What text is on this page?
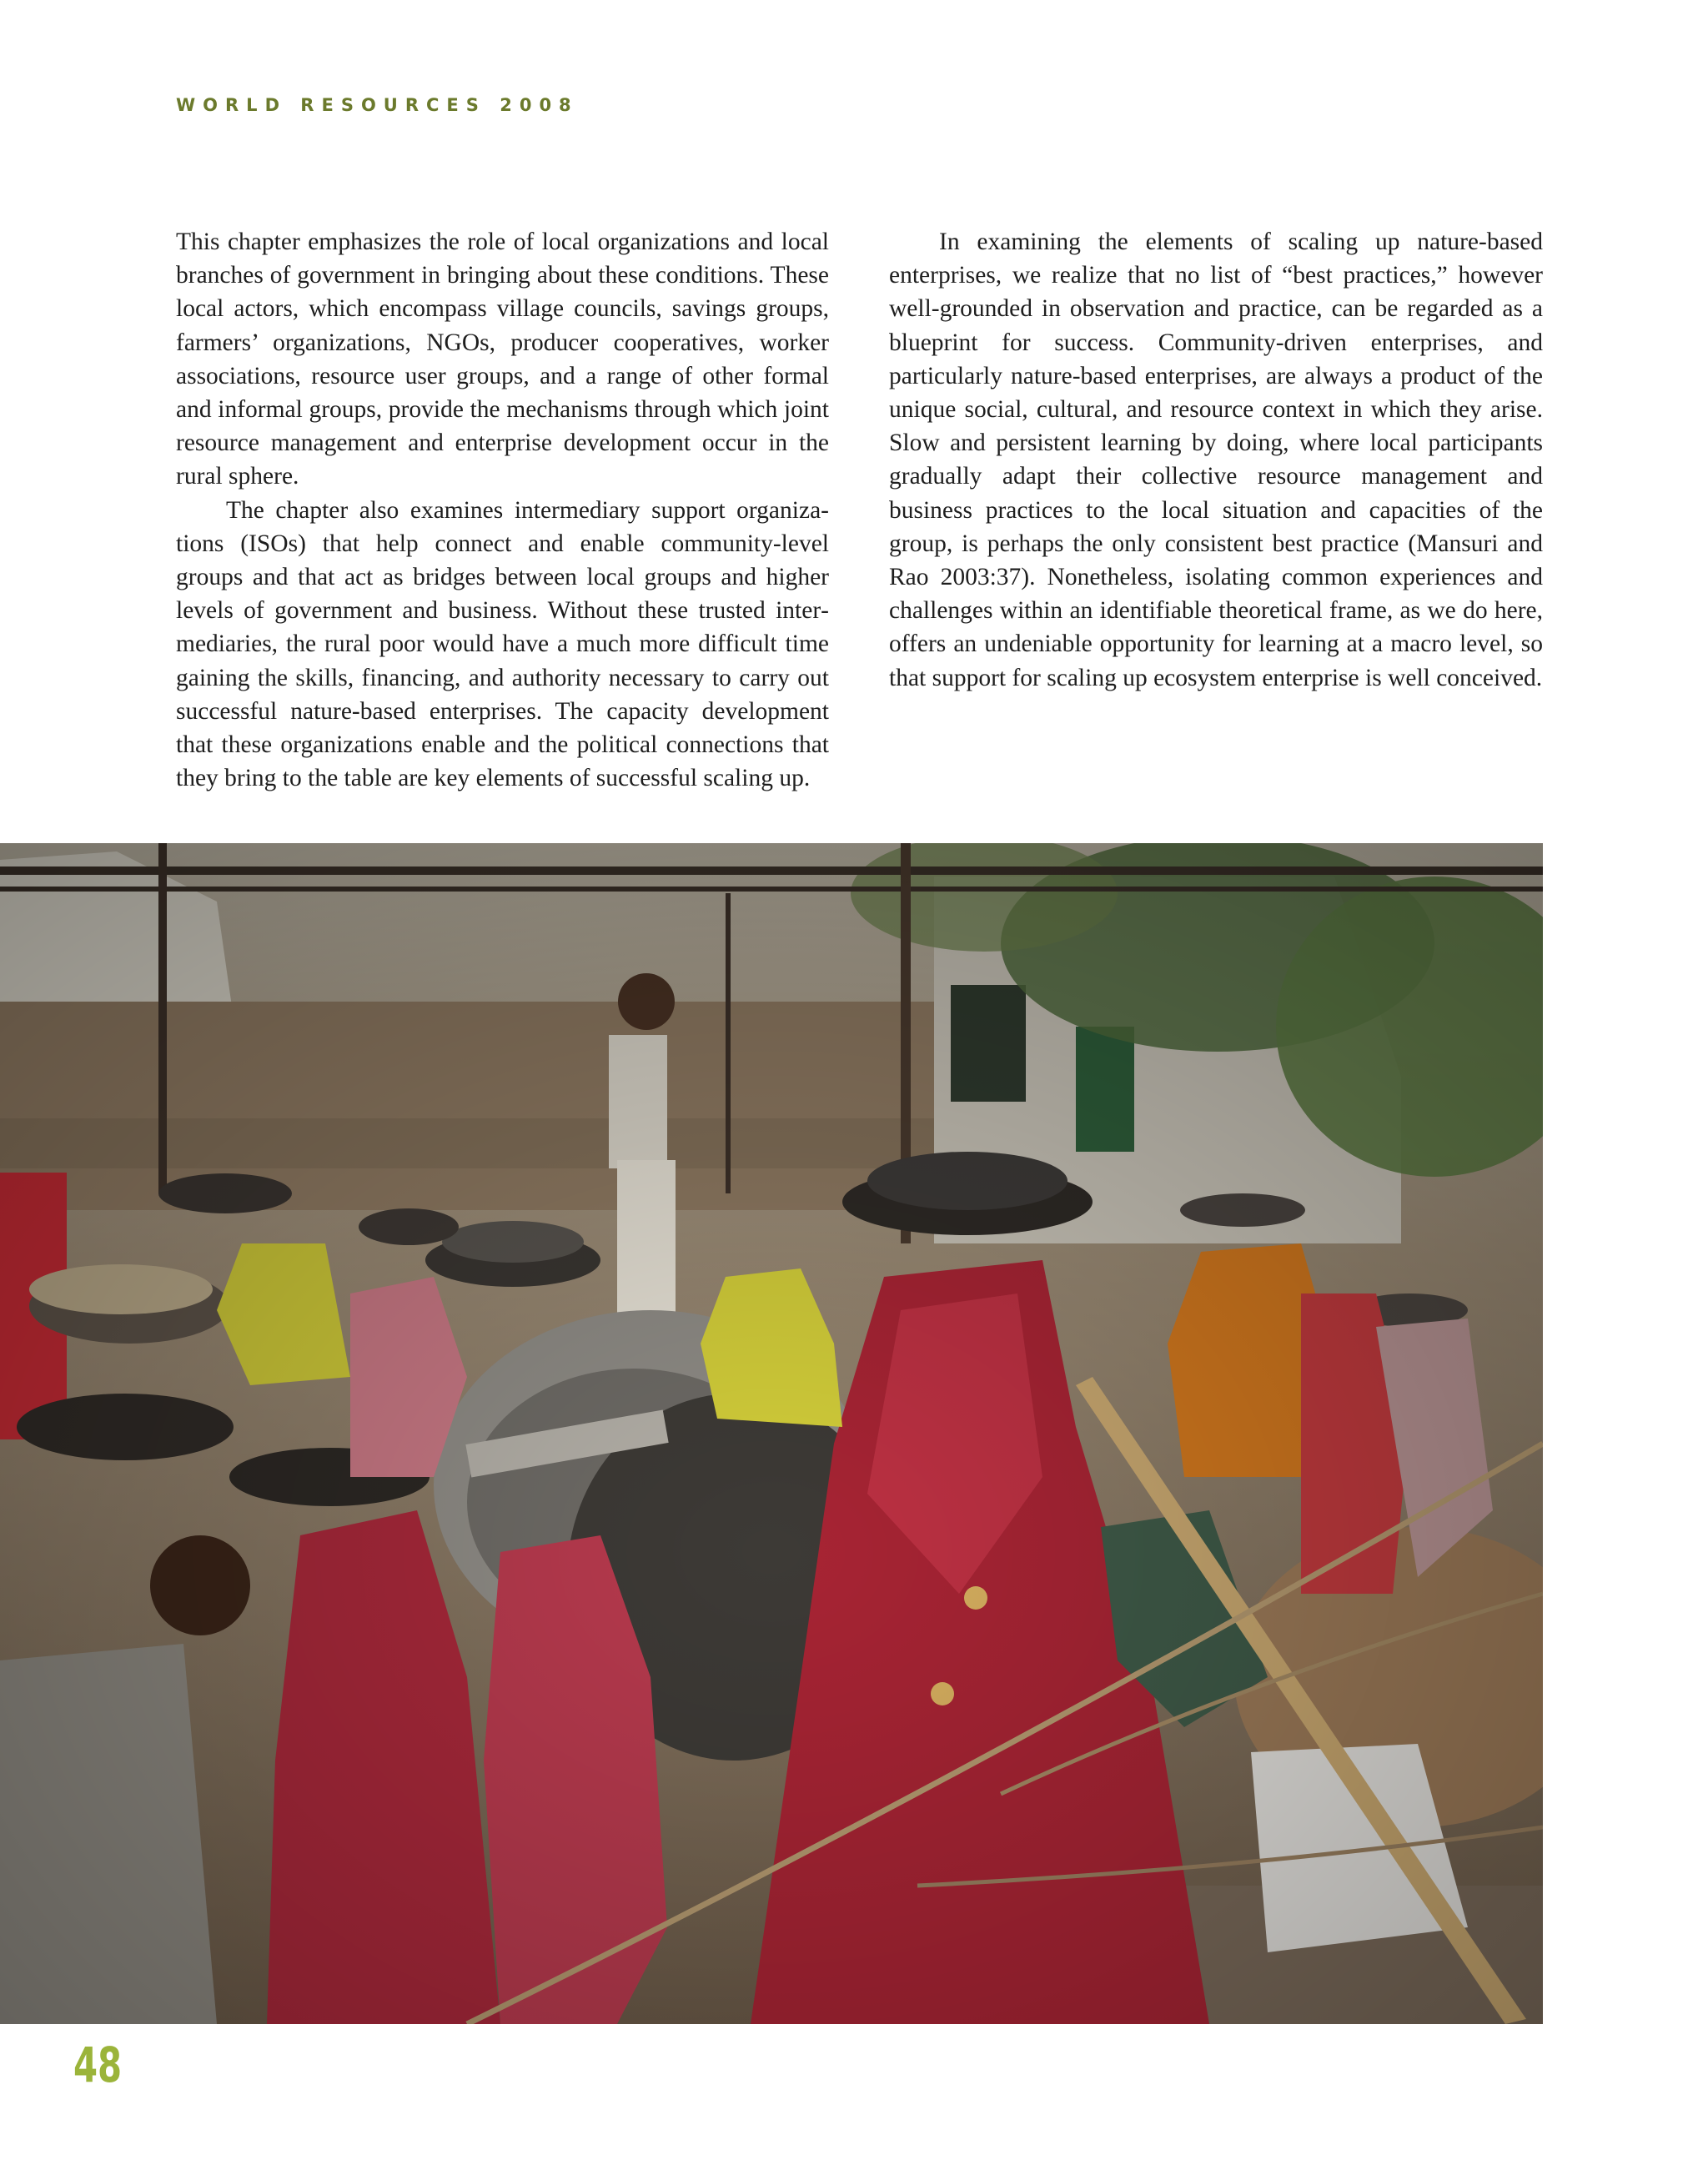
WORLD RESOURCES 2008

This chapter emphasizes the role of local organizations and local branches of government in bringing about these conditions. These local actors, which encompass village councils, savings groups, farmers’ organizations, NGOs, producer cooperatives, worker associations, resource user groups, and a range of other formal and informal groups, provide the mechanisms through which joint resource management and enterprise development occur in the rural sphere.

The chapter also examines intermediary support organizations (ISOs) that help connect and enable community-level groups and that act as bridges between local groups and higher levels of government and business. Without these trusted intermediaries, the rural poor would have a much more difficult time gaining the skills, financing, and authority necessary to carry out successful nature-based enterprises. The capacity development that these organizations enable and the political connections that they bring to the table are key elements of successful scaling up.

In examining the elements of scaling up nature-based enterprises, we realize that no list of “best practices,” however well-grounded in observation and practice, can be regarded as a blueprint for success. Community-driven enterprises, and particularly nature-based enterprises, are always a product of the unique social, cultural, and resource context in which they arise. Slow and persistent learning by doing, where local participants gradually adapt their collective resource management and business practices to the local situation and capacities of the group, is perhaps the only consistent best practice (Mansuri and Rao 2003:37). Nonetheless, isolating common experiences and challenges within an identifiable theoretical frame, as we do here, offers an undeniable opportunity for learning at a macro level, so that support for scaling up ecosystem enterprise is well conceived.

48
